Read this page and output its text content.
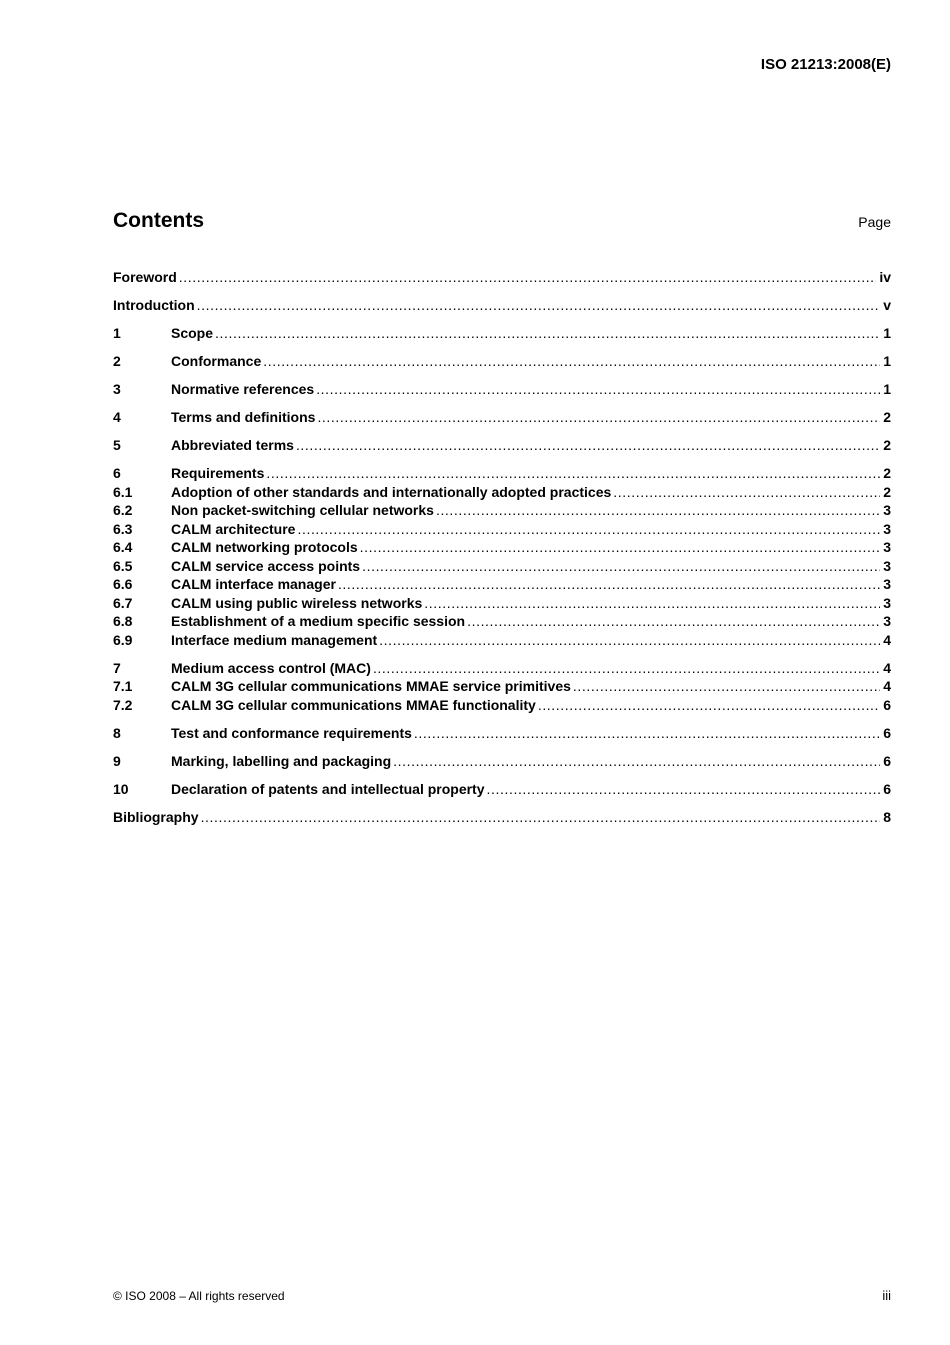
ISO 21213:2008(E)
Contents	Page
Foreword .....	iv
Introduction .....	v
1	Scope .....	1
2	Conformance .....	1
3	Normative references .....	1
4	Terms and definitions .....	2
5	Abbreviated terms .....	2
6	Requirements .....	2
6.1	Adoption of other standards and internationally adopted practices .....	2
6.2	Non packet-switching cellular networks .....	3
6.3	CALM architecture .....	3
6.4	CALM networking protocols .....	3
6.5	CALM service access points .....	3
6.6	CALM interface manager .....	3
6.7	CALM using public wireless networks .....	3
6.8	Establishment of a medium specific session .....	3
6.9	Interface medium management .....	4
7	Medium access control (MAC) .....	4
7.1	CALM 3G cellular communications MMAE service primitives .....	4
7.2	CALM 3G cellular communications MMAE functionality .....	6
8	Test and conformance requirements .....	6
9	Marking, labelling and packaging .....	6
10	Declaration of patents and intellectual property .....	6
Bibliography .....	8
© ISO 2008 – All rights reserved	iii
